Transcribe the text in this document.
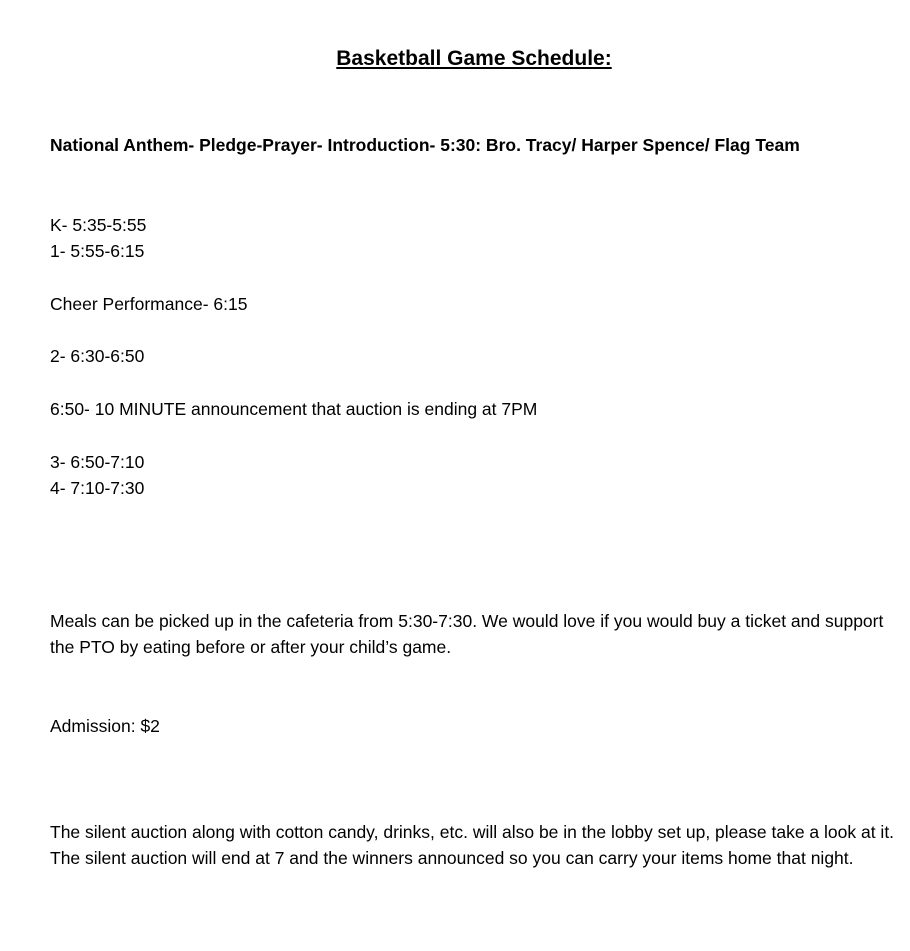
Basketball Game Schedule:

National Anthem- Pledge-Prayer- Introduction- 5:30: Bro. Tracy/ Harper Spence/ Flag Team

K- 5:35-5:55
1- 5:55-6:15

Cheer Performance- 6:15

2- 6:30-6:50

6:50- 10 MINUTE announcement that auction is ending at 7PM

3- 6:50-7:10
4- 7:10-7:30

Meals can be picked up in the cafeteria from 5:30-7:30. We would love if you would buy a ticket and support the PTO by eating before or after your child’s game.

Admission: $2

The silent auction along with cotton candy, drinks, etc. will also be in the lobby set up, please take a look at it. The silent auction will end at 7 and the winners announced so you can carry your items home that night.
